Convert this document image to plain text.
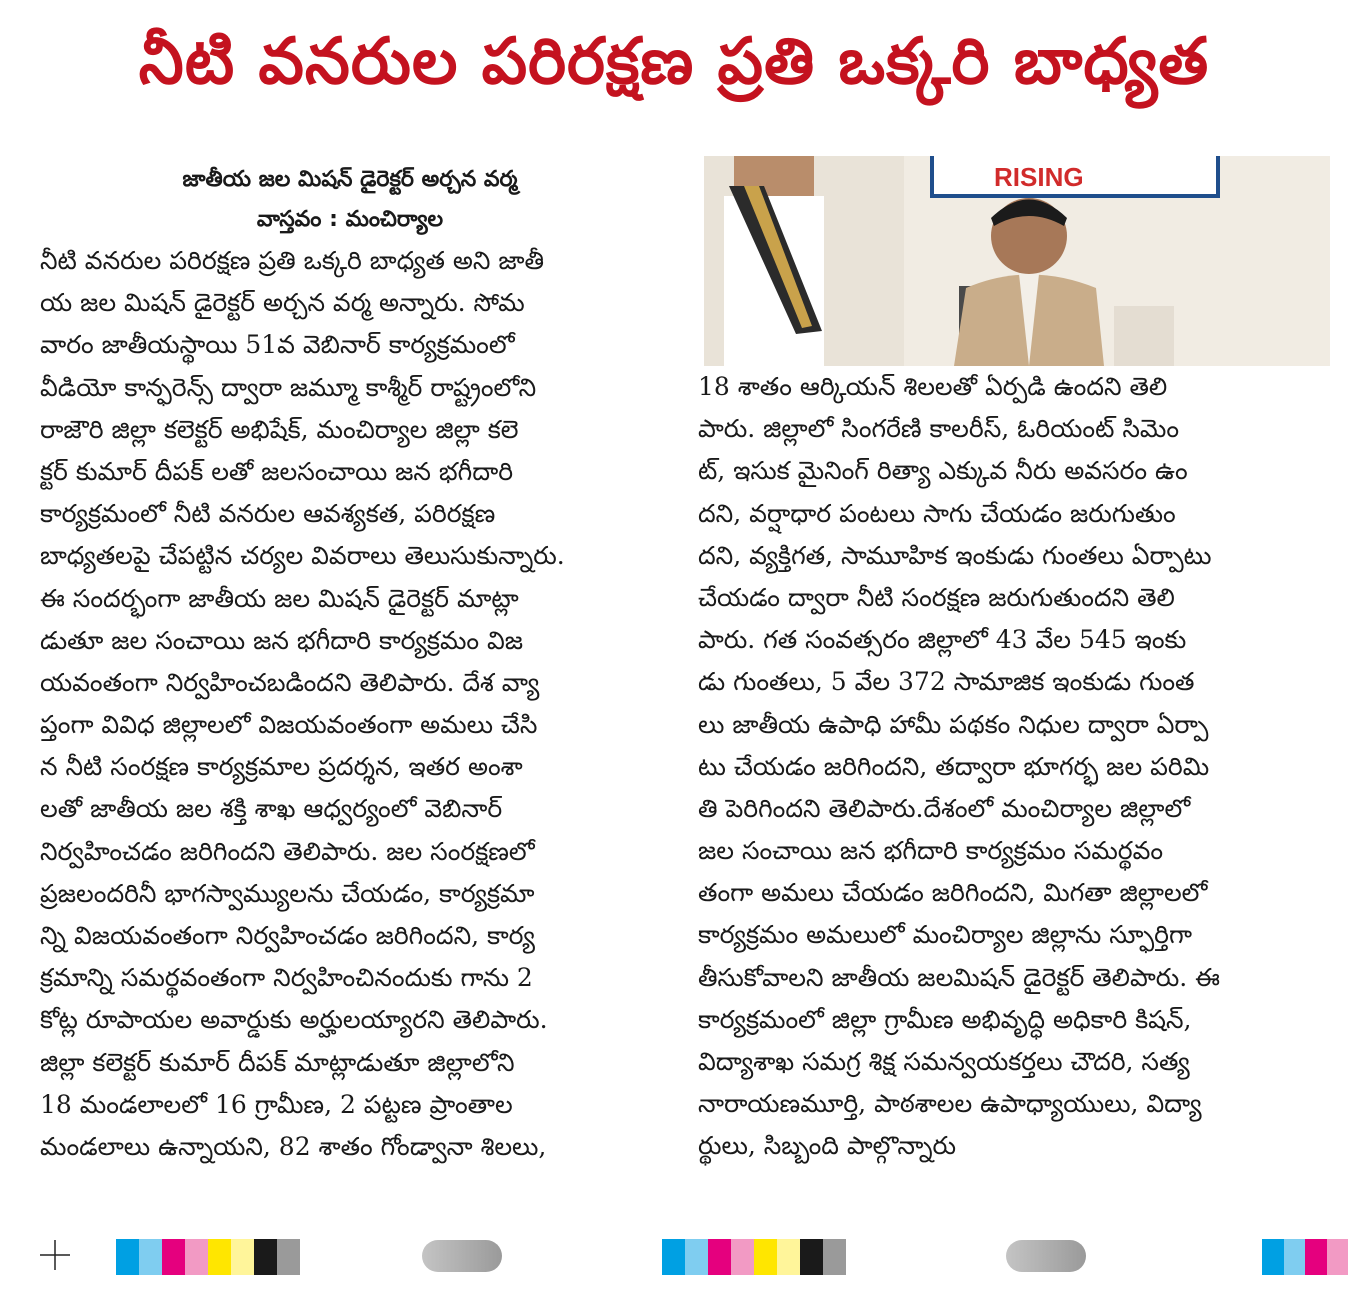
నీటి వనరుల పరిరక్షణ ప్రతి ఒక్కరి బాధ్యత

జాతీయ జల మిషన్ డైరెక్టర్ అర్చన వర్మ

వాస్తవం : మంచిర్యాల

నీటి వనరుల పరిరక్షణ ప్రతి ఒక్కరి బాధ్యత అని జాతీ
య జల మిషన్ డైరెక్టర్ అర్చన వర్మ అన్నారు. సోమ
వారం జాతీయస్థాయి 51వ వెబినార్ కార్యక్రమంలో
వీడియో కాన్ఫరెన్స్ ద్వారా జమ్మూ కాశ్మీర్ రాష్ట్రంలోని
రాజౌరి జిల్లా కలెక్టర్ అభిషేక్, మంచిర్యాల జిల్లా కలె
క్టర్ కుమార్ దీపక్ లతో జలసంచాయి జన భగీదారి
కార్యక్రమంలో నీటి వనరుల ఆవశ్యకత, పరిరక్షణ
బాధ్యతలపై చేపట్టిన చర్యల వివరాలు తెలుసుకున్నారు.
ఈ సందర్భంగా జాతీయ జల మిషన్ డైరెక్టర్ మాట్లా
డుతూ జల సంచాయి జన భగీదారి కార్యక్రమం విజ
యవంతంగా నిర్వహించబడిందని తెలిపారు. దేశ వ్యా
ప్తంగా వివిధ జిల్లాలలో విజయవంతంగా అమలు చేసి
న నీటి సంరక్షణ కార్యక్రమాల ప్రదర్శన, ఇతర అంశా
లతో జాతీయ జల శక్తి శాఖ ఆధ్వర్యంలో వెబినార్
నిర్వహించడం జరిగిందని తెలిపారు. జల సంరక్షణలో
ప్రజలందరినీ భాగస్వామ్యులను చేయడం, కార్యక్రమా
న్ని విజయవంతంగా నిర్వహించడం జరిగిందని, కార్య
క్రమాన్ని సమర్థవంతంగా నిర్వహించినందుకు గాను 2
కోట్ల రూపాయల అవార్డుకు అర్హులయ్యారని తెలిపారు.
జిల్లా కలెక్టర్ కుమార్ దీపక్ మాట్లాడుతూ జిల్లాలోని
18 మండలాలలో 16 గ్రామీణ, 2 పట్టణ ప్రాంతాల
మండలాలు ఉన్నాయని, 82 శాతం గోండ్వానా శిలలు,
RISING
18 శాతం ఆర్కియన్ శిలలతో ఏర్పడి ఉందని తెలి
పారు. జిల్లాలో సింగరేణి కాలరీస్, ఓరియంట్ సిమెం
ట్, ఇసుక మైనింగ్ రిత్యా ఎక్కువ నీరు అవసరం ఉం
దని, వర్షాధార పంటలు సాగు చేయడం జరుగుతుం
దని, వ్యక్తిగత, సామూహిక ఇంకుడు గుంతలు ఏర్పాటు
చేయడం ద్వారా నీటి సంరక్షణ జరుగుతుందని తెలి
పారు. గత సంవత్సరం జిల్లాలో 43 వేల 545 ఇంకు
డు గుంతలు, 5 వేల 372 సామాజిక ఇంకుడు గుంత
లు జాతీయ ఉపాధి హామీ పథకం నిధుల ద్వారా ఏర్పా
టు చేయడం జరిగిందని, తద్వారా భూగర్భ జల పరిమి
తి పెరిగిందని తెలిపారు.దేశంలో మంచిర్యాల జిల్లాలో
జల సంచాయి జన భగీదారి కార్యక్రమం సమర్థవం
తంగా అమలు చేయడం జరిగిందని, మిగతా జిల్లాలలో
కార్యక్రమం అమలులో మంచిర్యాల జిల్లాను స్ఫూర్తిగా
తీసుకోవాలని జాతీయ జలమిషన్ డైరెక్టర్ తెలిపారు. ఈ
కార్యక్రమంలో జిల్లా గ్రామీణ అభివృద్ధి అధికారి కిషన్,
విద్యాశాఖ సమగ్ర శిక్ష సమన్వయకర్తలు చౌదరి, సత్య
నారాయణమూర్తి, పాఠశాలల ఉపాధ్యాయులు, విద్యా
ర్థులు, సిబ్బంది పాల్గొన్నారు
